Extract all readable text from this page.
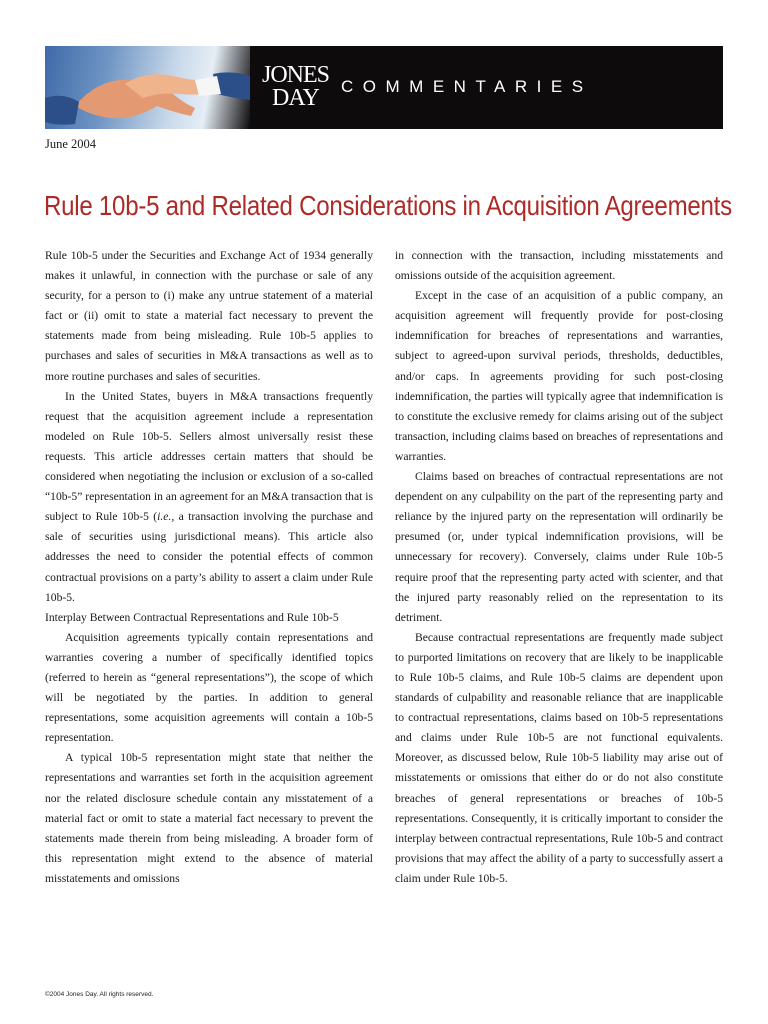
JONES
DAY	COMMENTARIES
June 2004
Rule 10b-5 and Related Considerations in Acquisition Agreements

Rule 10b-5 under the Securities and Exchange Act of 1934 generally makes it unlawful, in connection with the purchase or sale of any security, for a person to (i) make any untrue statement of a material fact or (ii) omit to state a material fact necessary to prevent the statements made from being misleading. Rule 10b-5 applies to purchases and sales of securities in M&A transactions as well as to more routine purchases and sales of securities.

In the United States, buyers in M&A transactions frequently request that the acquisition agreement include a representation modeled on Rule 10b-5. Sellers almost universally resist these requests. This article addresses certain matters that should be considered when negotiating the inclusion or exclusion of a so-called “10b-5” representation in an agreement for an M&A transaction that is subject to Rule 10b-5 (i.e., a transaction involving the purchase and sale of securities using jurisdictional means). This article also addresses the need to consider the potential effects of common contractual provisions on a party’s ability to assert a claim under Rule 10b-5.

Interplay Between Contractual Representations and Rule 10b-5

Acquisition agreements typically contain representations and warranties covering a number of specifically identified topics (referred to herein as “general representations”), the scope of which will be negotiated by the parties. In addition to general representations, some acquisition agreements will contain a 10b-5 representation.

A typical 10b-5 representation might state that neither the representations and warranties set forth in the acquisition agreement nor the related disclosure schedule contain any misstatement of a material fact or omit to state a material fact necessary to prevent the statements made therein from being misleading. A broader form of this representation might extend to the absence of material misstatements and omissions

in connection with the transaction, including misstatements and omissions outside of the acquisition agreement.

Except in the case of an acquisition of a public company, an acquisition agreement will frequently provide for post-closing indemnification for breaches of representations and warranties, subject to agreed-upon survival periods, thresholds, deductibles, and/or caps. In agreements providing for such post-closing indemnification, the parties will typically agree that indemnification is to constitute the exclusive remedy for claims arising out of the subject transaction, including claims based on breaches of representations and warranties.

Claims based on breaches of contractual representations are not dependent on any culpability on the part of the representing party and reliance by the injured party on the representation will ordinarily be presumed (or, under typical indemnification provisions, will be unnecessary for recovery). Conversely, claims under Rule 10b-5 require proof that the representing party acted with scienter, and that the injured party reasonably relied on the representation to its detriment.

Because contractual representations are frequently made subject to purported limitations on recovery that are likely to be inapplicable to Rule 10b-5 claims, and Rule 10b-5 claims are dependent upon standards of culpability and reasonable reliance that are inapplicable to contractual representations, claims based on 10b-5 representations and claims under Rule 10b-5 are not functional equivalents. Moreover, as discussed below, Rule 10b-5 liability may arise out of misstatements or omissions that either do or do not also constitute breaches of general representations or breaches of 10b-5 representations. Consequently, it is critically important to consider the interplay between contractual representations, Rule 10b-5 and contract provisions that may affect the ability of a party to successfully assert a claim under Rule 10b-5.

©2004 Jones Day. All rights reserved.
